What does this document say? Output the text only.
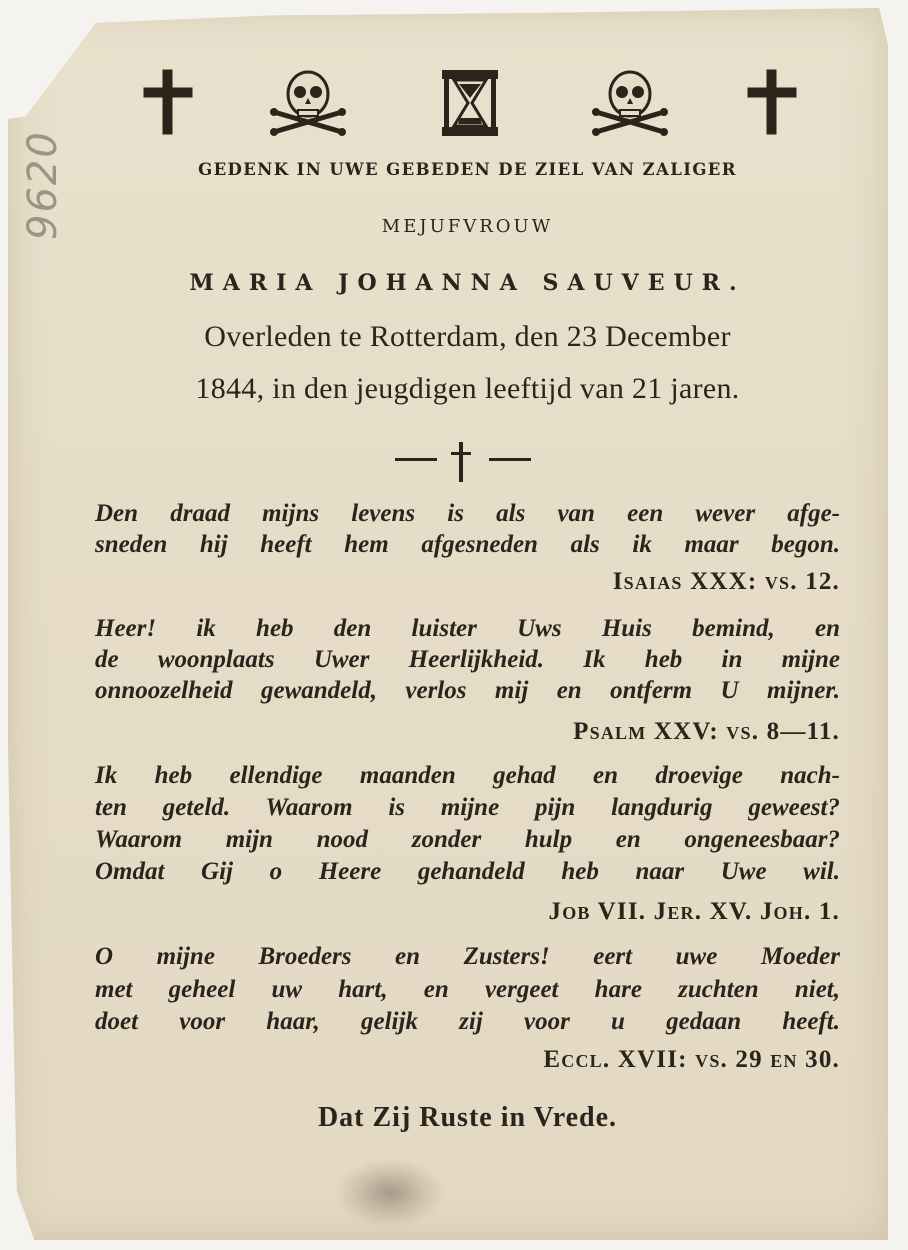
9620	GEDENK IN UWE GEBEDEN DE ZIEL VAN ZALIGER
MEJUFVROUW
MARIA JOHANNA SAUVEUR.
Overleden te Rotterdam, den 23 December
1844, in den jeugdigen leeftijd van 21 jaren.
Den draad mijns levens is als van een wever afge-
sneden hij heeft hem afgesneden als ik maar begon.
Isaias XXX: vs. 12.
Heer! ik heb den luister Uws Huis bemind, en
de woonplaats Uwer Heerlijkheid. Ik heb in mijne
onnoozelheid gewandeld, verlos mij en ontferm U mijner.
Psalm XXV: vs. 8—11.
Ik heb ellendige maanden gehad en droevige nach-
ten geteld. Waarom is mijne pijn langdurig geweest?
Waarom mijn nood zonder hulp en ongeneesbaar?
Omdat Gij o Heere gehandeld heb naar Uwe wil.
Job VII. Jer. XV. Joh. 1.
O mijne Broeders en Zusters! eert uwe Moeder
met geheel uw hart, en vergeet hare zuchten niet,
doet voor haar, gelijk zij voor u gedaan heeft.
Eccl. XVII: vs. 29 en 30.
Dat Zij Ruste in Vrede.
